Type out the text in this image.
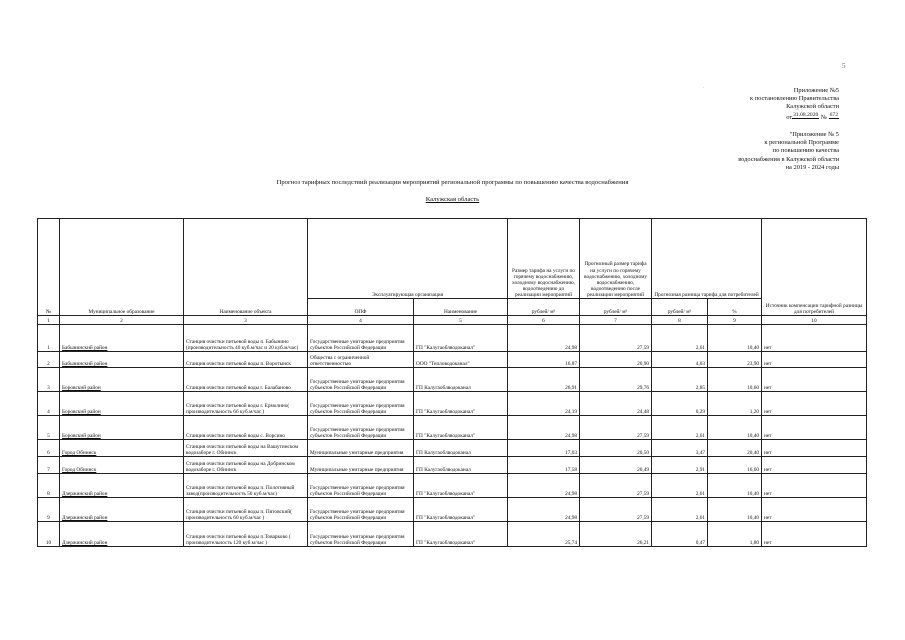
5
·	Приложение №5
к постановлению Правительства
Калужской области
от31.08.2020 № 672
"Приложение № 5
к региональной Программе
по повышению качества
водоснабжения в Калужской области
на 2019 - 2024 годы
Прогноз тарифных последствий реализации мероприятий региональной программы по повышению качества водоснабжения
Калужская область
№	Муниципальное образование	Наименование объекта	Эксплуатирующая организация		Размер тарифа на услуги по горячему водоснабжению, холодному водоснабжению, водоотведению до реализации мероприятий	Прогнозный размер тарифа на услуги по горячему водоснабжению, холодному водоснабжению, водоотведению после реализации мероприятий	Прогнозная разница тарифа для потребителей		Источник компенсации тарифной разницы для потребителей
			ОПФ	Наименование	рублей/ м³	рублей/ м³	рублей/ м³	%	
1	2	3	4	5	6	7	8	9	10
1	Бабынинский район	Станция очистки питьевой воды п. Бабынино (производительность 40 куб.м/час и 20 куб.м/час)	Государственные унитарные предприятия субъектов Российской Федерации	ГП "Калугаоблводоканал"	24,98	27,59	2,61	10,40	нет
2	Бабынинский район	Станция очистки питьевой воды п. Воротынск	Общества с ограниченной ответственностью	ООО "Тепловодоканал"	16,87	20,90	4,03	23,90	нет
3	Боровский район	Станция очистки питьевой воды г. Балабаново	Государственные унитарные предприятия субъектов Российской Федерации	ГП Калугаоблводоканал	26,91	29,76	2,85	10,60	нет
4	Боровский район	Станция очистки питьевой воды г. Ермолино( производительность 66 куб.м/час )	Государственные унитарные предприятия субъектов Российской Федерации	ГП "Калугаоблводоканал"	24,19	24,48	0,29	1,20	нет
5	Боровский район	Станция очистки питьевой воды с. Ворсино	Государственные унитарные предприятия субъектов Российской Федерации	ГП "Калугаоблводоканал"	24,98	27,59	2,61	10,40	нет
6	Город Обнинск	Станция очистки питьевой воды на Вашутинском водозаборе г. Обнинск	Муниципальные унитарные предприятия	ГП Калугаоблводоканал	17,03	20,50	3,47	20,40	нет
7	Город Обнинск	Станция очистки питьевой воды на Добринском водозаборе г. Обнинск	Муниципальные унитарные предприятия	ГП Калугаоблводоканал	17,58	20,49	2,91	16,60	нет
8	Дзержинский район	Станция очистки питьевой воды п. Полотняный завод(производительность 50 куб.м/час)	Государственные унитарные предприятия субъектов Российской Федерации	ГП "Калугаоблводоканал"	24,98	27,59	2,61	10,40	нет
9	Дзержинский район	Станция очистки питьевой воды п. Пятовский( производительность 60 куб.м/час )	Государственные унитарные предприятия субъектов Российской Федерации	ГП "Калугаоблводоканал"	24,98	27,59	2,61	10,40	нет
10	Дзержинский район	Станция очистки питьевой воды п.Товарково ( производительность 120 куб.м/час )	Государственные унитарные предприятия субъектов Российской Федерации	ГП "Калугаоблводоканал"	25,74	26,21	0,47	1,80	нет
